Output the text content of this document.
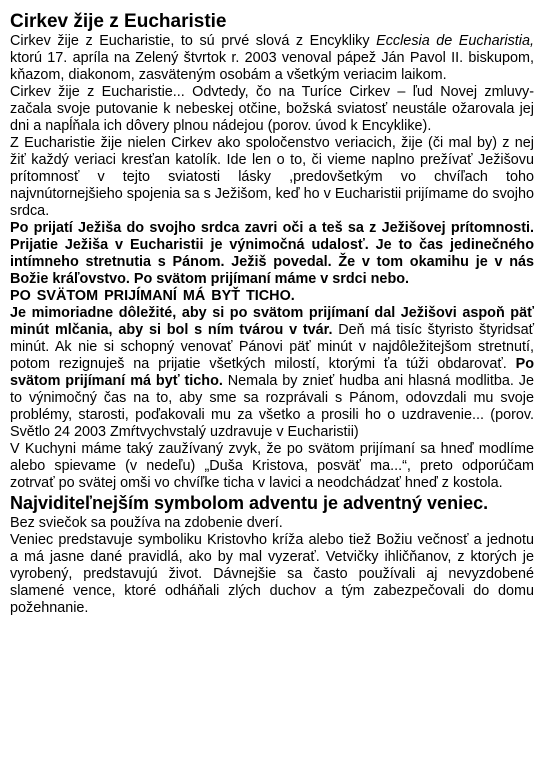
Cirkev žije z Eucharistie

Cirkev žije z Eucharistie, to sú prvé slová z Encykliky Ecclesia de Eucharistia, ktorú 17. apríla na Zelený štvrtok r. 2003 venoval pápež Ján Pavol II. biskupom, kňazom, diakonom, zasväteným osobám a všetkým veriacim laikom.

Cirkev žije z Eucharistie... Odvtedy, čo na Turíce Cirkev – ľud Novej zmluvy- začala svoje putovanie k nebeskej otčine, božská sviatosť neustále ožarovala jej dni a napĺňala ich dôvery plnou nádejou (porov. úvod k Encyklike).

Z Eucharistie žije nielen Cirkev ako spoločenstvo veriacich, žije (či mal by) z nej žiť každý veriaci kresťan katolík. Ide len o to, či vieme naplno prežívať Ježišovu prítomnosť v tejto sviatosti lásky ,predovšetkým vo chvíľach toho najvnútornejšieho spojenia sa s Ježišom, keď ho v Eucharistii prijímame do svojho srdca.

Po prijatí Ježiša do svojho srdca zavri oči a teš sa z Ježišovej prítomnosti. Prijatie Ježiša v Eucharistii je výnimočná udalosť. Je to čas jedinečného intímneho stretnutia s Pánom. Ježiš povedal. Že v tom okamihu je v nás Božie kráľovstvo. Po svätom prijímaní máme v srdci nebo.

PO SVÄTOM PRIJÍMANÍ MÁ BYŤ TICHO.

Je mimoriadne dôležité, aby si po svätom prijímaní dal Ježišovi aspoň päť minút mlčania, aby si bol s ním tvárou v tvár. Deň má tisíc štyristo štyridsať minút. Ak nie si schopný venovať Pánovi päť minút v najdôležitejšom stretnutí, potom rezignuješ na prijatie všetkých milostí, ktorými ťa túži obdarovať. Po svätom prijímaní má byť ticho. Nemala by znieť hudba ani hlasná modlitba. Je to výnimočný čas na to, aby sme sa rozprávali s Pánom, odovzdali mu svoje problémy, starosti, poďakovali mu za všetko a prosili ho o uzdravenie... (porov. Světlo 24 2003 Zmŕtvychvstalý uzdravuje v Eucharistii)

V Kuchyni máme taký zaužívaný zvyk, že po svätom prijímaní sa hneď modlíme alebo spievame (v nedeľu) „Duša Kristova, posväť ma...“, preto odporúčam zotrvať po svätej omši vo chvíľke ticha v lavici a neodchádzať hneď z kostola.

Najviditeľnejším symbolom adventu je adventný veniec.

Bez sviečok sa používa na zdobenie dverí.

Veniec predstavuje symboliku Kristovho kríža alebo tiež Božiu večnosť a jednotu a má jasne dané pravidlá, ako by mal vyzerať. Vetvičky ihličňanov, z ktorých je vyrobený, predstavujú život. Dávnejšie sa často používali aj nevyzdobené slamené vence, ktoré odháňali zlých duchov a tým zabezpečovali do domu požehnanie.
